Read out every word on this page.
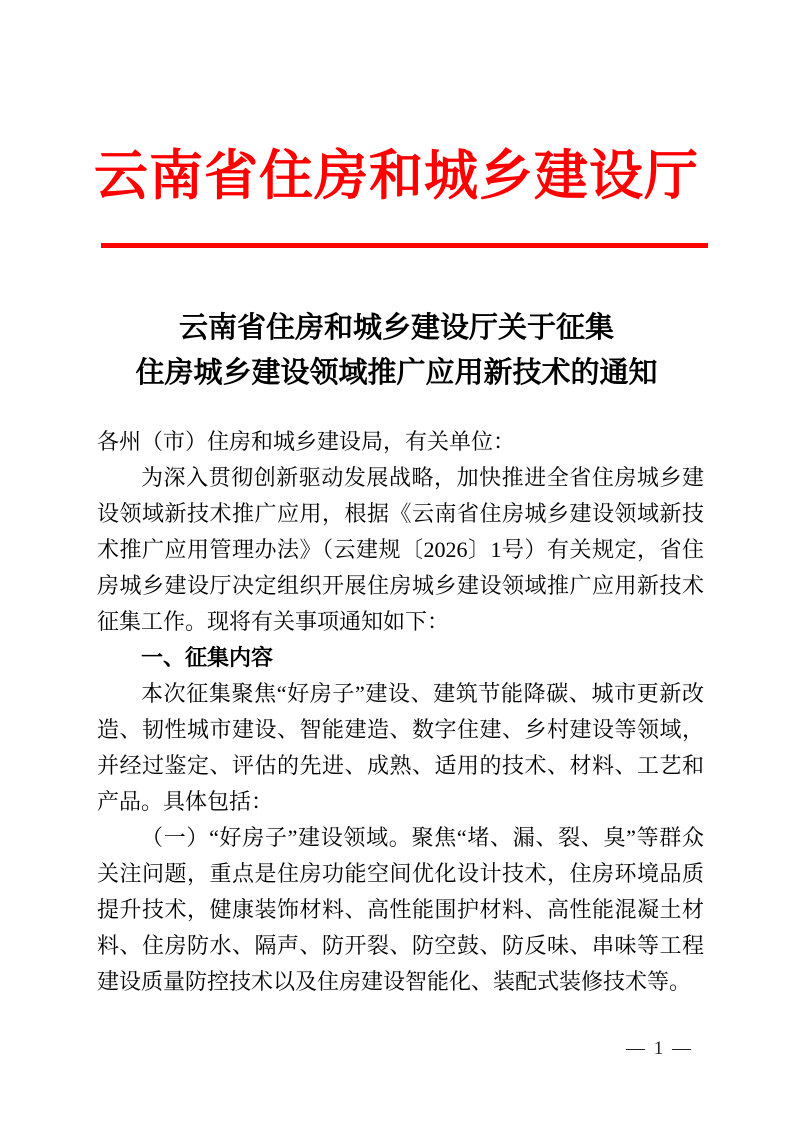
云南省住房和城乡建设厅
云南省住房和城乡建设厅关于征集
住房城乡建设领域推广应用新技术的通知

各州（市）住房和城乡建设局，有关单位：

为深入贯彻创新驱动发展战略，加快推进全省住房城乡建设领域新技术推广应用，根据《云南省住房城乡建设领域新技术推广应用管理办法》（云建规〔2026〕1号）有关规定，省住房城乡建设厅决定组织开展住房城乡建设领域推广应用新技术征集工作。现将有关事项通知如下：

一、征集内容

本次征集聚焦“好房子”建设、建筑节能降碳、城市更新改造、韧性城市建设、智能建造、数字住建、乡村建设等领域，并经过鉴定、评估的先进、成熟、适用的技术、材料、工艺和产品。具体包括：

（一）“好房子”建设领域。聚焦“堵、漏、裂、臭”等群众关注问题，重点是住房功能空间优化设计技术，住房环境品质提升技术，健康装饰材料、高性能围护材料、高性能混凝土材料、住房防水、隔声、防开裂、防空鼓、防反味、串味等工程建设质量防控技术以及住房建设智能化、装配式装修技术等。

— 1 —
